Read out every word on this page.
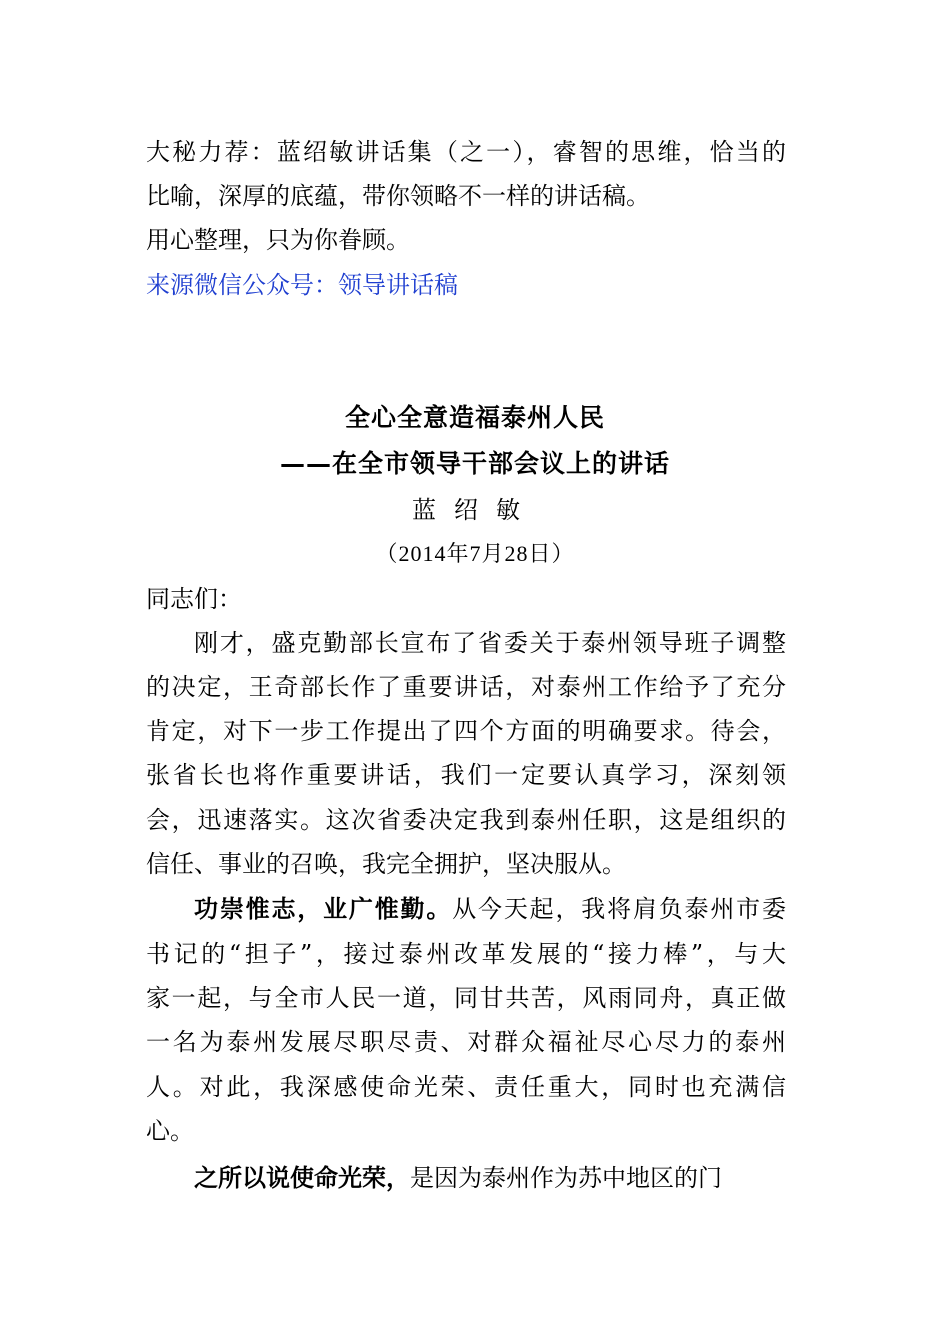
大秘力荐：蓝绍敏讲话集（之一），睿智的思维，恰当的
比喻，深厚的底蕴，带你领略不一样的讲话稿。
用心整理，只为你眷顾。
来源微信公众号：领导讲话稿
全心全意造福泰州人民
——在全市领导干部会议上的讲话
蓝绍敏
（2014年7月28日）
同志们：
刚才，盛克勤部长宣布了省委关于泰州领导班子调整
的决定，王奇部长作了重要讲话，对泰州工作给予了充分
肯定，对下一步工作提出了四个方面的明确要求。待会，
张省长也将作重要讲话，我们一定要认真学习，深刻领
会，迅速落实。这次省委决定我到泰州任职，这是组织的
信任、事业的召唤，我完全拥护，坚决服从。
功崇惟志，业广惟勤。从今天起，我将肩负泰州市委
书记的“担子”，接过泰州改革发展的“接力棒”，与大
家一起，与全市人民一道，同甘共苦，风雨同舟，真正做
一名为泰州发展尽职尽责、对群众福祉尽心尽力的泰州
人。对此，我深感使命光荣、责任重大，同时也充满信
心。
之所以说使命光荣，是因为泰州作为苏中地区的门
